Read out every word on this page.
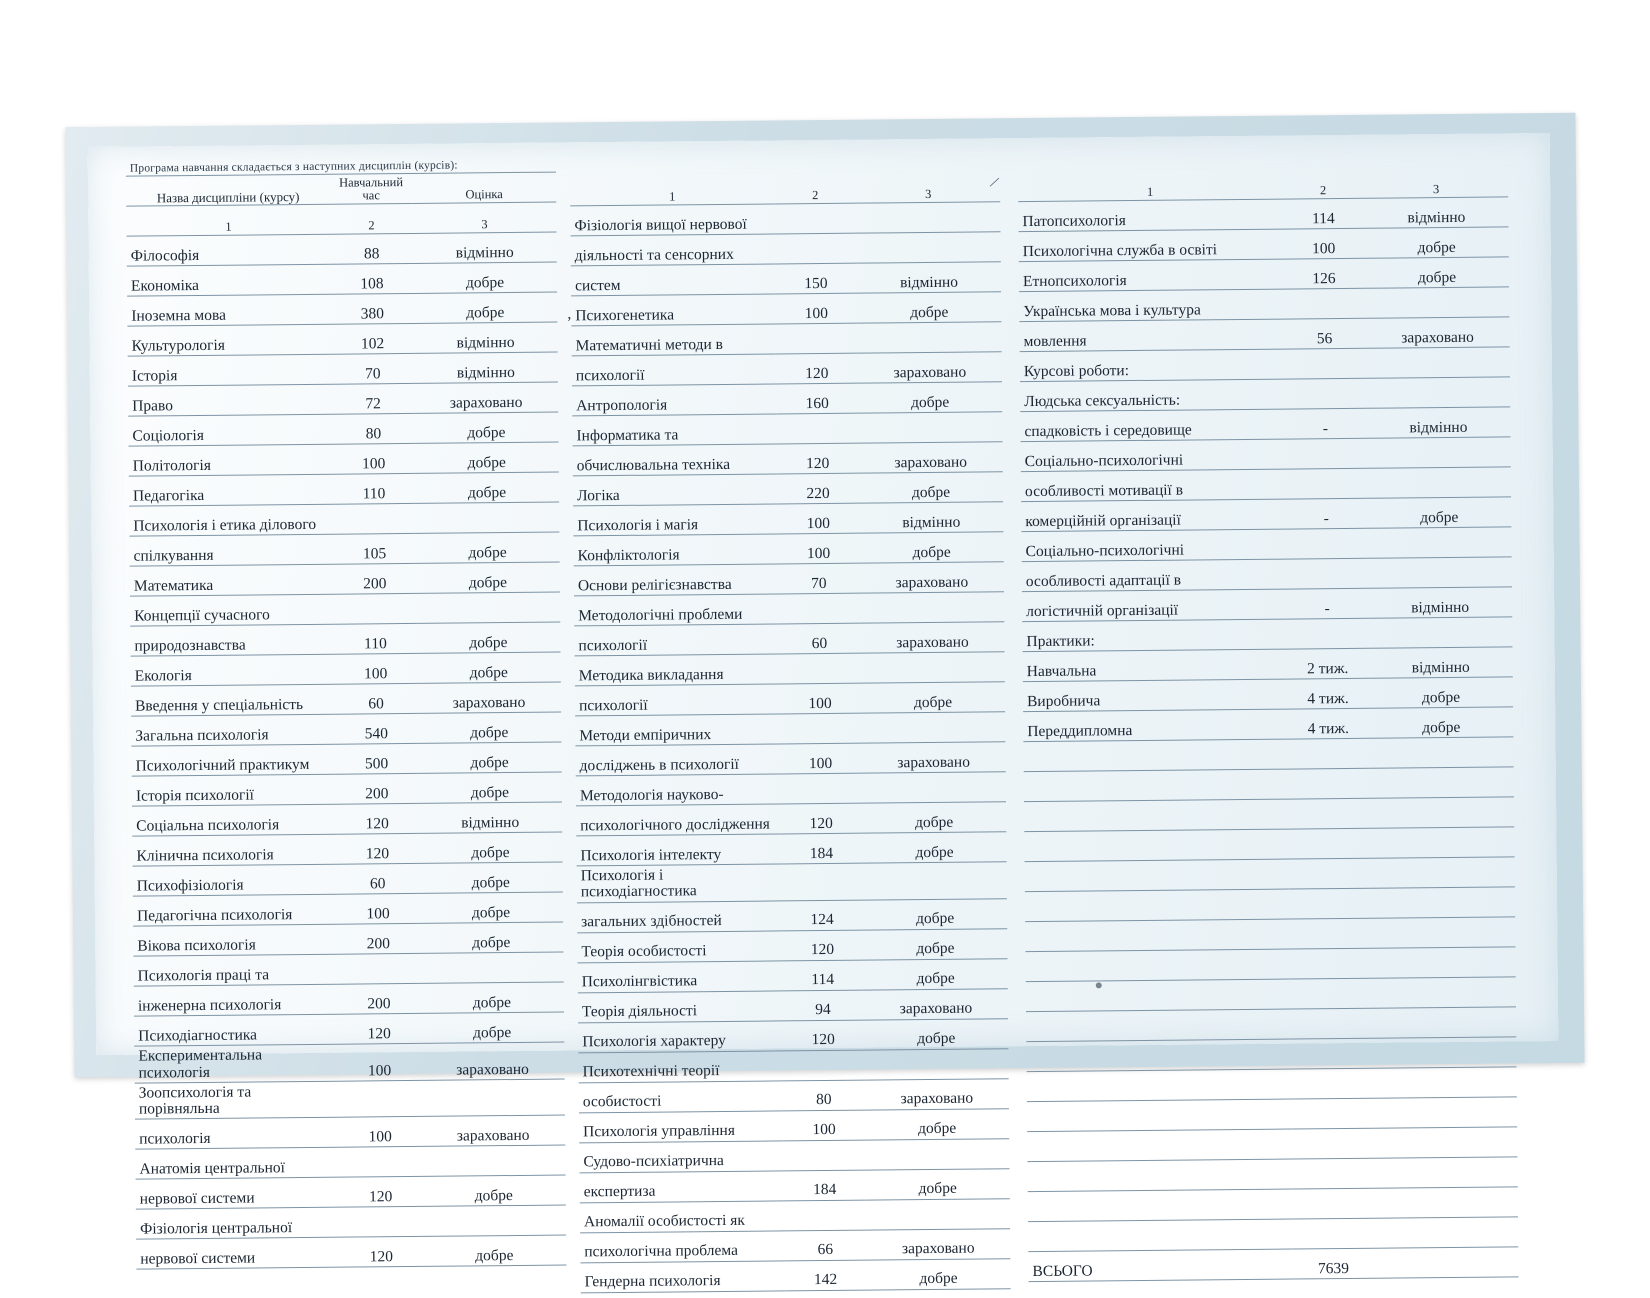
⁄
,
Програма навчання складається з наступних дисциплін (курсів):		
Назва дисципліни (курсу)	Навчальний час	Оцінка
1	2	3
Філософія	88	відмінно
Економіка	108	добре
Іноземна мова	380	добре
Культурологія	102	відмінно
Історія	70	відмінно
Право	72	зараховано
Соціологія	80	добре
Політологія	100	добре
Педагогіка	110	добре
Психологія і етика ділового		
спілкування	105	добре
Математика	200	добре
Концепції сучасного		
природознавства	110	добре
Екологія	100	добре
Введення у спеціальність	60	зараховано
Загальна психологія	540	добре
Психологічний практикум	500	добре
Історія психології	200	добре
Соціальна психологія	120	відмінно
Клінична психологія	120	добре
Психофізіологія	60	добре
Педагогічна психологія	100	добре
Вікова психологія	200	добре
Психологія праці та		
інженерна психологія	200	добре
Психодіагностика	120	добре
Експериментальна психологія	100	зараховано
Зоопсихологія та порівняльна		
психологія	100	зараховано
Анатомія центральної		
нервової системи	120	добре
Фізіологія центральної		
нервової системи	120	добре
1	2	3
Фізіологія вищої нервової		
діяльності та сенсорних		
систем	150	відмінно
Психогенетика	100	добре
Математичні методи в		
психології	120	зараховано
Антропологія	160	добре
Інформатика та		
обчислювальна техніка	120	зараховано
Логіка	220	добре
Психологія і магія	100	відмінно
Конфліктологія	100	добре
Основи релігієзнавства	70	зараховано
Методологічні проблеми		
психології	60	зараховано
Методика викладання		
психології	100	добре
Методи емпіричних		
досліджень в психології	100	зараховано
Методологія науково-		
психологічного дослідження	120	добре
Психологія інтелекту	184	добре
Психологія і психодіагностика		
загальних здібностей	124	добре
Теорія особистості	120	добре
Психолінгвістика	114	добре
Теорія діяльності	94	зараховано
Психологія характеру	120	добре
Психотехнічні теорії		
особистості	80	зараховано
Психологія управління	100	добре
Судово-психіатрична		
експертиза	184	добре
Аномалії особистості як		
психологічна проблема	66	зараховано
Гендерна психологія	142	добре
1	2	3
Патопсихологія	114	відмінно
Психологічна служба в освіті	100	добре
Етнопсихологія	126	добре
Українська мова і культура		
мовлення	56	зараховано
Курсові роботи:		
Людська сексуальність:		
спадковість і середовище	-	відмінно
Соціально-психологічні		
особливості мотивації в		
комерційній організації	-	добре
Соціально-психологічні		
особливості адаптації в		
логістичній організації	-	відмінно
Практики:		
Навчальна	2 тиж.	відмінно
Виробнича	4 тиж.	добре
Переддипломна	4 тиж.	добре

ВСЬОГО	7639	
